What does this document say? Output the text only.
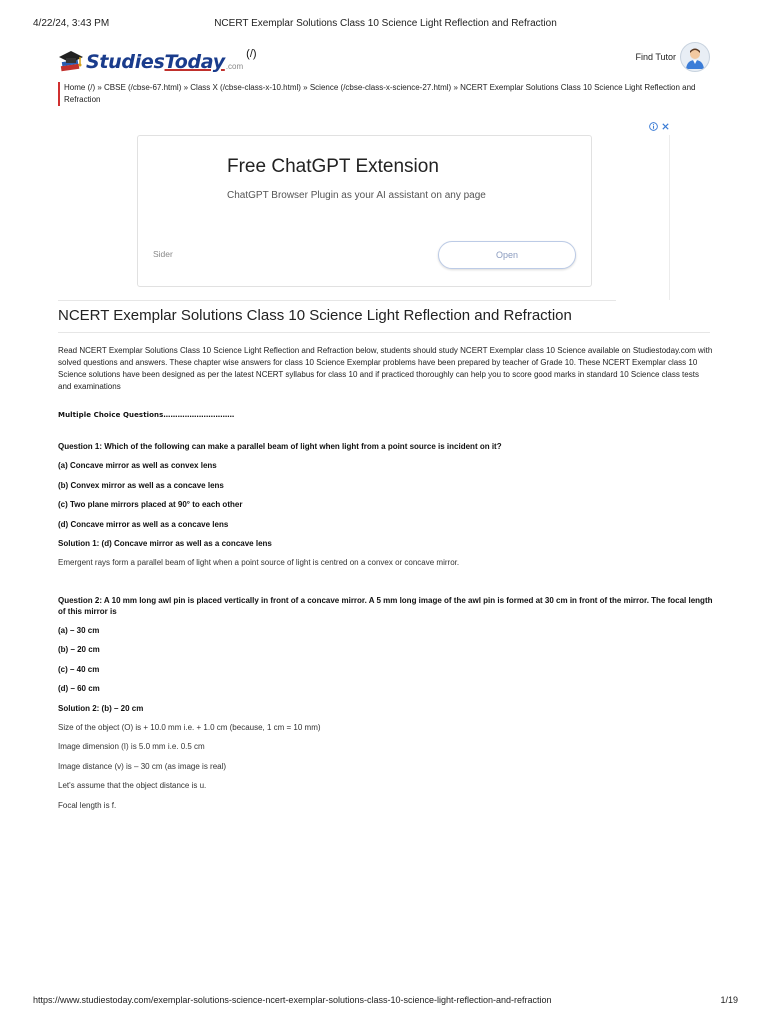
4/22/24, 3:43 PM	NCERT Exemplar Solutions Class 10 Science Light Reflection and Refraction
StudiesToday .com
(/)	Find Tutor
Home (/) » CBSE (/cbse-67.html) » Class X (/cbse-class-x-10.html) » Science (/cbse-class-x-science-27.html) » NCERT Exemplar Solutions Class 10 Science Light Reflection and Refraction
Free ChatGPT Extension
ChatGPT Browser Plugin as your AI assistant on any page
Sider	Open
NCERT Exemplar Solutions Class 10 Science Light Reflection and Refraction
Read NCERT Exemplar Solutions Class 10 Science Light Reflection and Refraction below, students should study NCERT Exemplar class 10 Science available on Studiestoday.com with solved questions and answers. These chapter wise answers for class 10 Science Exemplar problems have been prepared by teacher of Grade 10. These NCERT Exemplar class 10 Science solutions have been designed as per the latest NCERT syllabus for class 10 and if practiced thoroughly can help you to score good marks in standard 10 Science class tests and examinations
Multiple Choice Questions…………………………
Question 1: Which of the following can make a parallel beam of light when light from a point source is incident on it?
(a) Concave mirror as well as convex lens
(b) Convex mirror as well as a concave lens
(c) Two plane mirrors placed at 90° to each other
(d) Concave mirror as well as a concave lens
Solution 1: (d) Concave mirror as well as a concave lens
Emergent rays form a parallel beam of light when a point source of light is centred on a convex or concave mirror.
Question 2: A 10 mm long awl pin is placed vertically in front of a concave mirror. A 5 mm long image of the awl pin is formed at 30 cm in front of the mirror. The focal length of this mirror is
(a) – 30 cm
(b) – 20 cm
(c) – 40 cm
(d) – 60 cm
Solution 2: (b) – 20 cm
Size of the object (O) is + 10.0 mm i.e. + 1.0 cm (because, 1 cm = 10 mm)
Image dimension (I) is 5.0 mm i.e. 0.5 cm
Image distance (v) is – 30 cm (as image is real)
Let's assume that the object distance is u.
Focal length is f.
https://www.studiestoday.com/exemplar-solutions-science-ncert-exemplar-solutions-class-10-science-light-reflection-and-refraction	1/19
